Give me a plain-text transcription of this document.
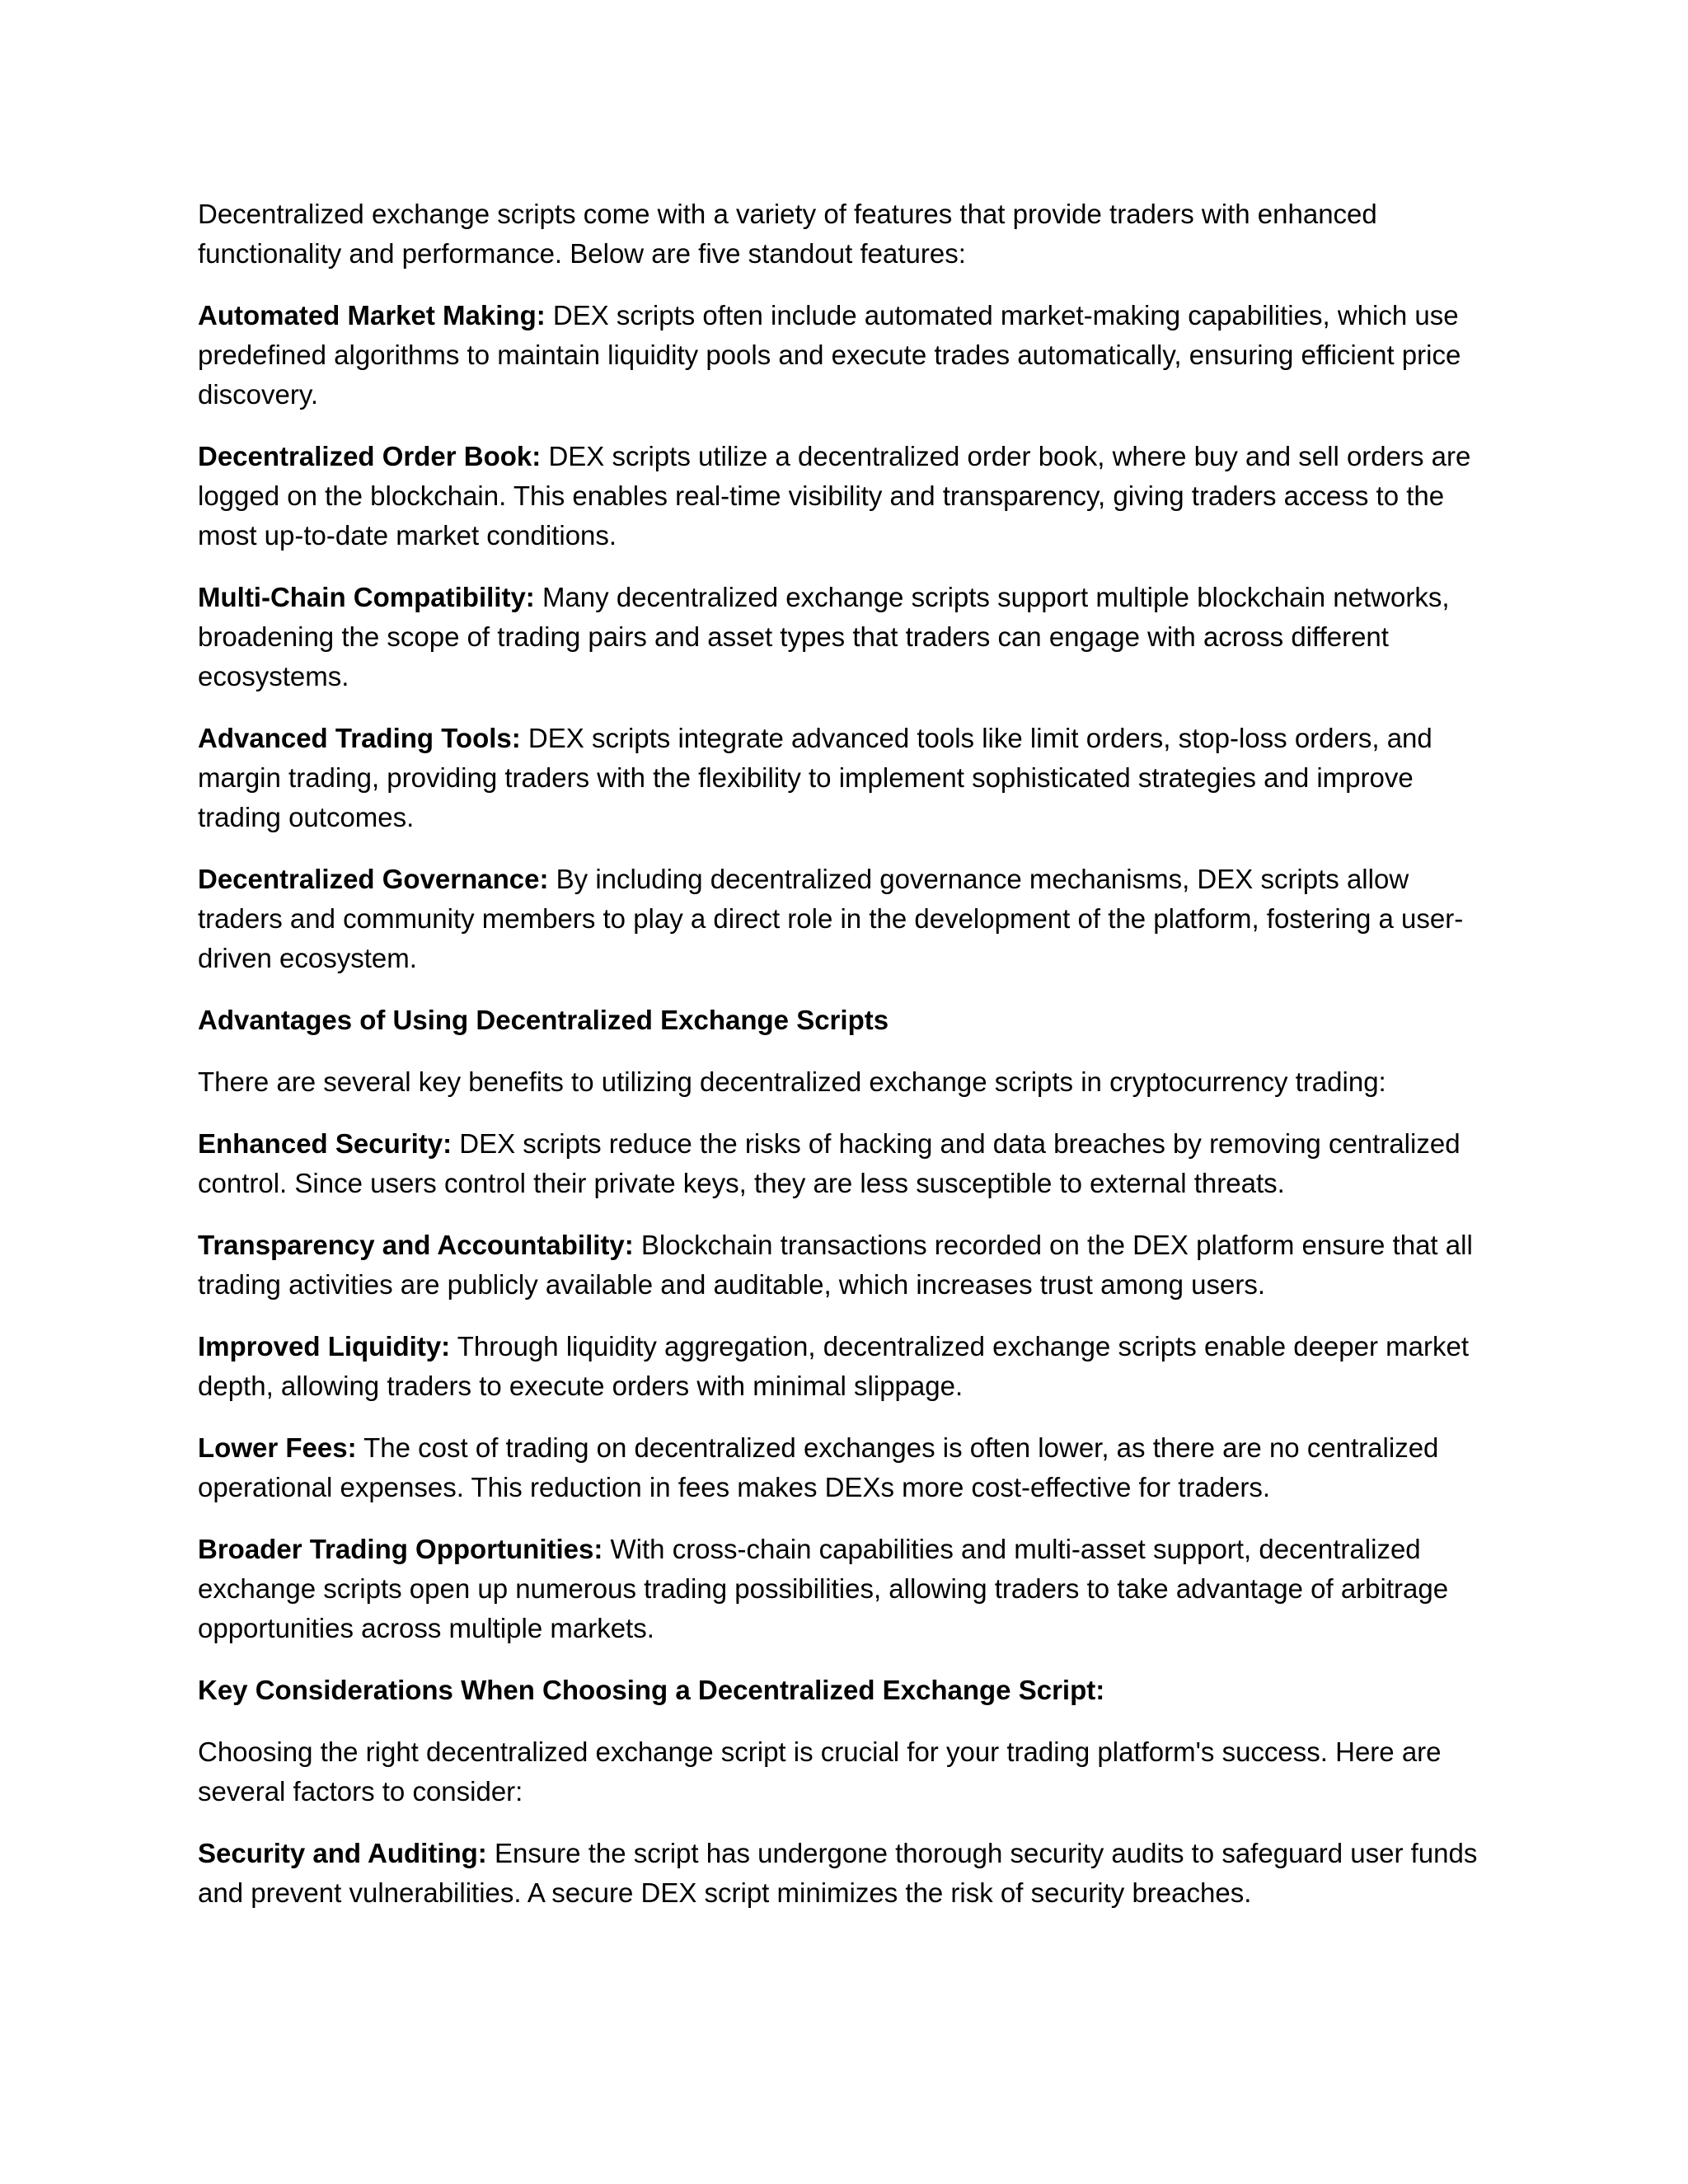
Decentralized exchange scripts come with a variety of features that provide traders with enhanced functionality and performance. Below are five standout features:

Automated Market Making: DEX scripts often include automated market-making capabilities, which use predefined algorithms to maintain liquidity pools and execute trades automatically, ensuring efficient price discovery.

Decentralized Order Book: DEX scripts utilize a decentralized order book, where buy and sell orders are logged on the blockchain. This enables real-time visibility and transparency, giving traders access to the most up-to-date market conditions.

Multi-Chain Compatibility: Many decentralized exchange scripts support multiple blockchain networks, broadening the scope of trading pairs and asset types that traders can engage with across different ecosystems.

Advanced Trading Tools: DEX scripts integrate advanced tools like limit orders, stop-loss orders, and margin trading, providing traders with the flexibility to implement sophisticated strategies and improve trading outcomes.

Decentralized Governance: By including decentralized governance mechanisms, DEX scripts allow traders and community members to play a direct role in the development of the platform, fostering a user-driven ecosystem.

Advantages of Using Decentralized Exchange Scripts

There are several key benefits to utilizing decentralized exchange scripts in cryptocurrency trading:

Enhanced Security: DEX scripts reduce the risks of hacking and data breaches by removing centralized control. Since users control their private keys, they are less susceptible to external threats.

Transparency and Accountability: Blockchain transactions recorded on the DEX platform ensure that all trading activities are publicly available and auditable, which increases trust among users.

Improved Liquidity: Through liquidity aggregation, decentralized exchange scripts enable deeper market depth, allowing traders to execute orders with minimal slippage.

Lower Fees: The cost of trading on decentralized exchanges is often lower, as there are no centralized operational expenses. This reduction in fees makes DEXs more cost-effective for traders.

Broader Trading Opportunities: With cross-chain capabilities and multi-asset support, decentralized exchange scripts open up numerous trading possibilities, allowing traders to take advantage of arbitrage opportunities across multiple markets.

Key Considerations When Choosing a Decentralized Exchange Script:

Choosing the right decentralized exchange script is crucial for your trading platform's success. Here are several factors to consider:

Security and Auditing: Ensure the script has undergone thorough security audits to safeguard user funds and prevent vulnerabilities. A secure DEX script minimizes the risk of security breaches.
